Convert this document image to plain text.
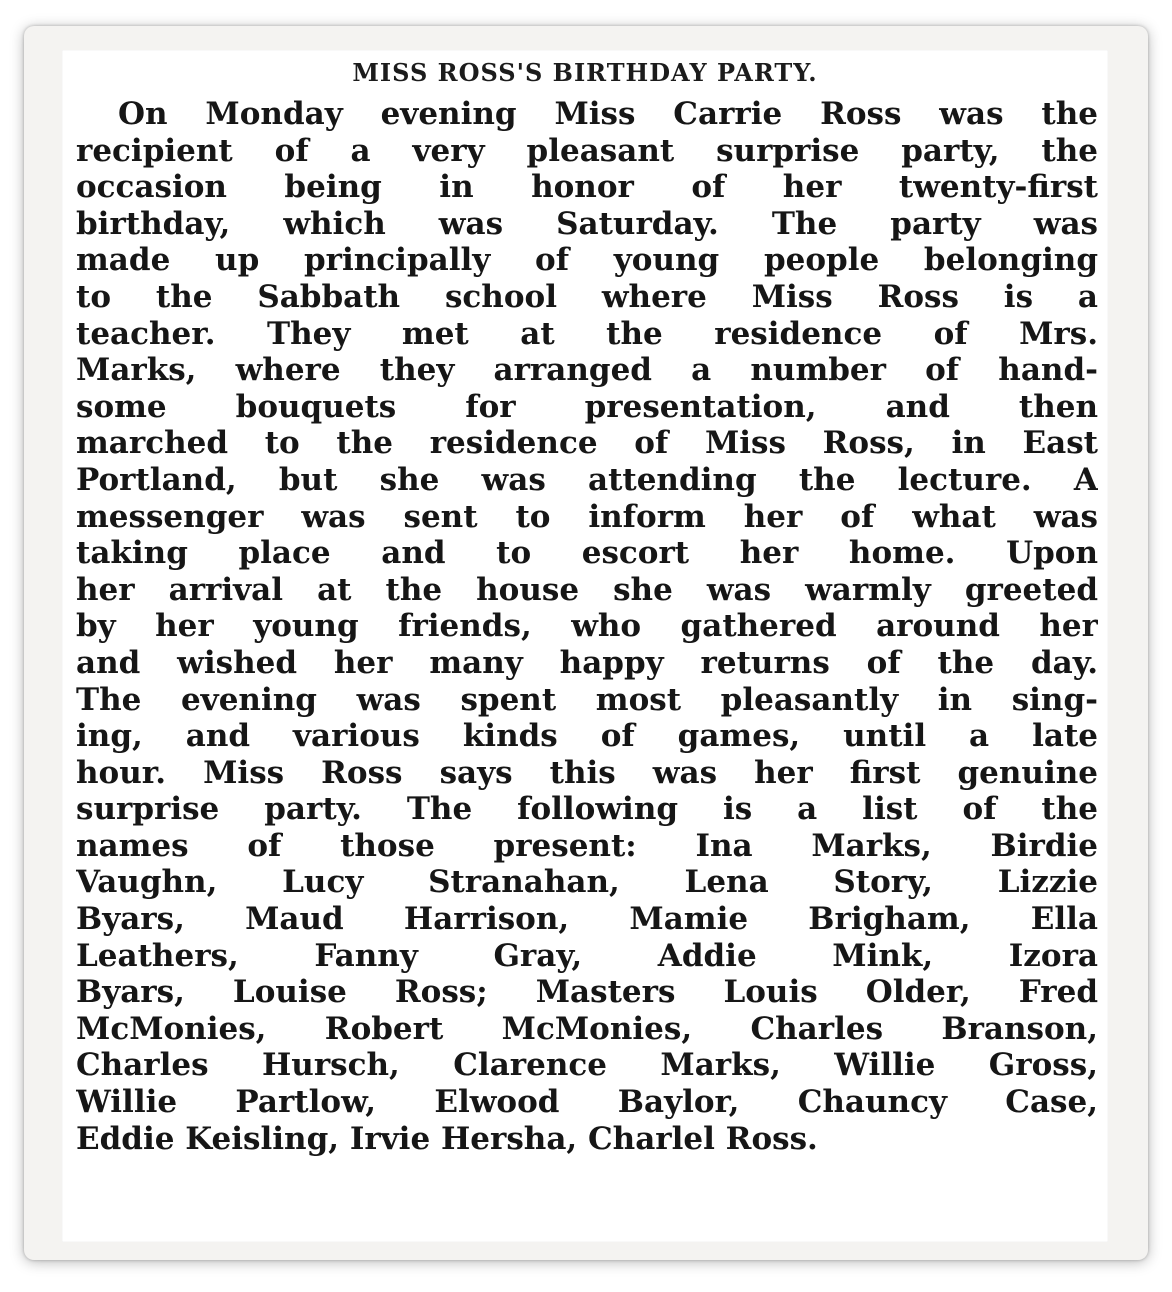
MISS ROSS'S BIRTHDAY PARTY.
On Monday evening Miss Carrie Ross was the
recipient of a very pleasant surprise party, the
occasion being in honor of her twenty-first
birthday, which was Saturday. The party was
made up principally of young people belonging
to the Sabbath school where Miss Ross is a
teacher. They met at the residence of Mrs.
Marks, where they arranged a number of hand-
some bouquets for presentation, and then
marched to the residence of Miss Ross, in East
Portland, but she was attending the lecture. A
messenger was sent to inform her of what was
taking place and to escort her home. Upon
her arrival at the house she was warmly greeted
by her young friends, who gathered around her
and wished her many happy returns of the day.
The evening was spent most pleasantly in sing-
ing, and various kinds of games, until a late
hour. Miss Ross says this was her first genuine
surprise party. The following is a list of the
names of those present: Ina Marks, Birdie
Vaughn, Lucy Stranahan, Lena Story, Lizzie
Byars, Maud Harrison, Mamie Brigham, Ella
Leathers, Fanny Gray, Addie Mink, Izora
Byars, Louise Ross; Masters Louis Older, Fred
McMonies, Robert McMonies, Charles Branson,
Charles Hursch, Clarence Marks, Willie Gross,
Willie Partlow, Elwood Baylor, Chauncy Case,
Eddie Keisling, Irvie Hersha, Charlel Ross.
